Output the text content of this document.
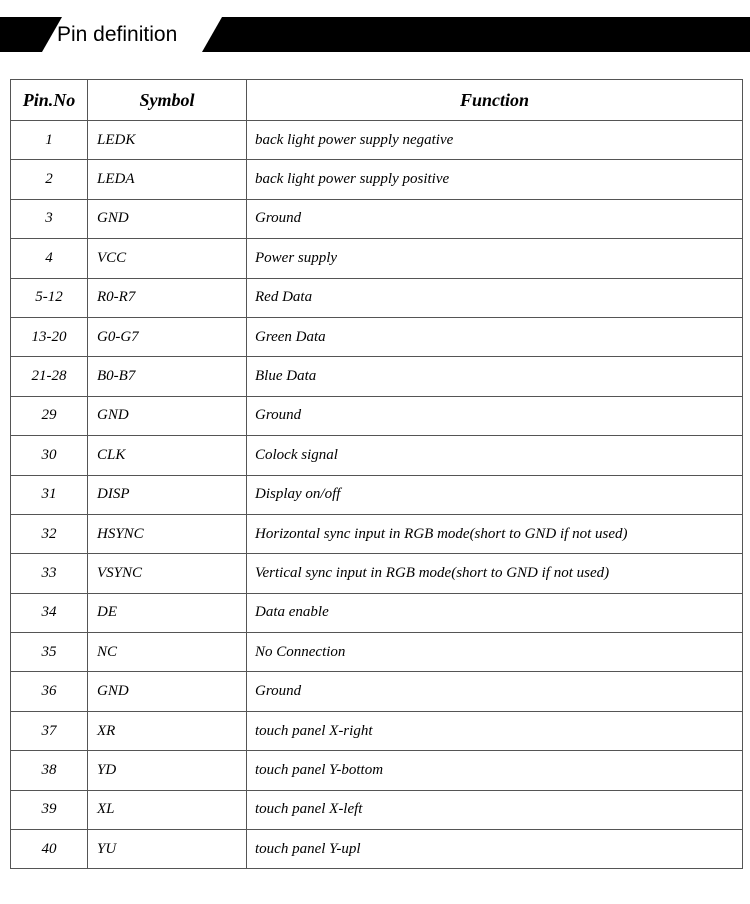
Pin definition
Pin.No	Symbol	Function
1	LEDK	back light power supply negative
2	LEDA	back light power supply positive
3	GND	Ground
4	VCC	Power supply
5-12	R0-R7	Red Data
13-20	G0-G7	Green Data
21-28	B0-B7	Blue Data
29	GND	Ground
30	CLK	Colock signal
31	DISP	Display on/off
32	HSYNC	Horizontal sync input in RGB mode(short to GND if not used)
33	VSYNC	Vertical sync input in RGB mode(short to GND if not used)
34	DE	Data enable
35	NC	No Connection
36	GND	Ground
37	XR	touch panel X-right
38	YD	touch panel Y-bottom
39	XL	touch panel X-left
40	YU	touch panel Y-upl
